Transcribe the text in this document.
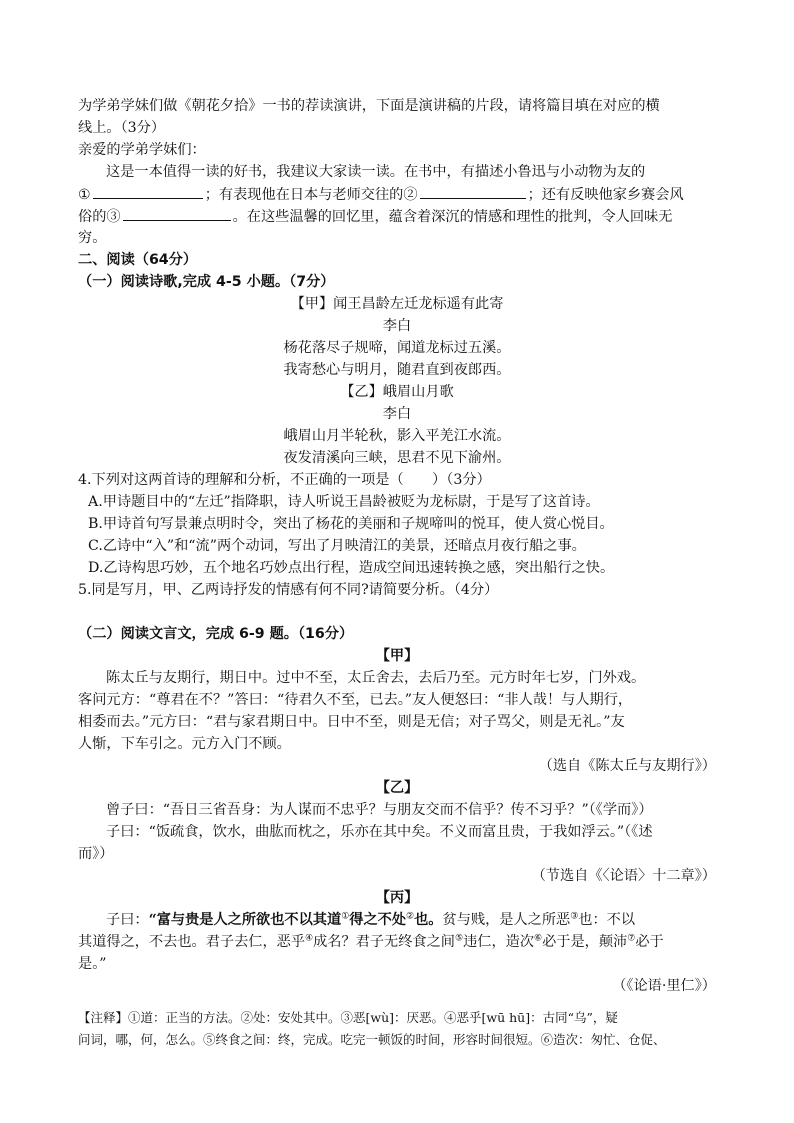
为学弟学妹们做《朝花夕拾》一书的荐读演讲，下面是演讲稿的片段，请将篇目填在对应的横
线上。（3分）
亲爱的学弟学妹们：
这是一本值得一读的好书，我建议大家读一读。在书中，有描述小鲁迅与小动物为友的
①	；有表现他在日本与老师交往的②	；还有反映他家乡赛会风
俗的③	。在这些温馨的回忆里，蕴含着深沉的情感和理性的批判，令人回味无
穷。
二、阅读（64分）
（一）阅读诗歌,完成 4-5 小题。（7分）
【甲】闻王昌龄左迁龙标遥有此寄
李白
杨花落尽子规啼，闻道龙标过五溪。
我寄愁心与明月，随君直到夜郎西。
【乙】峨眉山月歌
李白
峨眉山月半轮秋，影入平羌江水流。
夜发清溪向三峡，思君不见下渝州。
4.下列对这两首诗的理解和分析，不正确的一项是（　　）（3分）
A.甲诗题目中的“左迁”指降职，诗人听说王昌龄被贬为龙标尉，于是写了这首诗。
B.甲诗首句写景兼点明时令，突出了杨花的美丽和子规啼叫的悦耳，使人赏心悦目。
C.乙诗中“入”和“流”两个动词，写出了月映清江的美景，还暗点月夜行船之事。
D.乙诗构思巧妙，五个地名巧妙点出行程，造成空间迅速转换之感，突出船行之快。
5.同是写月，甲、乙两诗抒发的情感有何不同?请简要分析。（4分）
（二）阅读文言文，完成 6-9 题。（16分）
【甲】
陈太丘与友期行，期日中。过中不至，太丘舍去，去后乃至。元方时年七岁，门外戏。
客问元方：“尊君在不？”答曰：“待君久不至，已去。”友人便怒曰：“非人哉！与人期行，
相委而去。”元方曰：“君与家君期日中。日中不至，则是无信；对子骂父，则是无礼。”友
人惭，下车引之。元方入门不顾。
（选自《陈太丘与友期行》）
【乙】
曾子曰：“吾日三省吾身：为人谋而不忠乎？与朋友交而不信乎？传不习乎？”（《学而》）
子曰：“饭疏食，饮水，曲肱而枕之，乐亦在其中矣。不义而富且贵，于我如浮云。”（《述
而》）
（节选自《〈论语〉十二章》）
【丙】
子曰：“富与贵是人之所欲也不以其道①得之不处②也。贫与贱，是人之所恶③也：不以
其道得之，不去也。君子去仁，恶乎④成名？君子无终食之间⑤违仁，造次⑥必于是，颠沛⑦必于
是。”
（《论语·里仁》）
【注释】①道：正当的方法。②处：安处其中。③恶[wù]：厌恶。④恶乎[wū hū]：古同“乌”，疑
问词，哪，何，怎么。⑤终食之间：终，完成。吃完一顿饭的时间，形容时间很短。⑥造次：匆忙、仓促、
